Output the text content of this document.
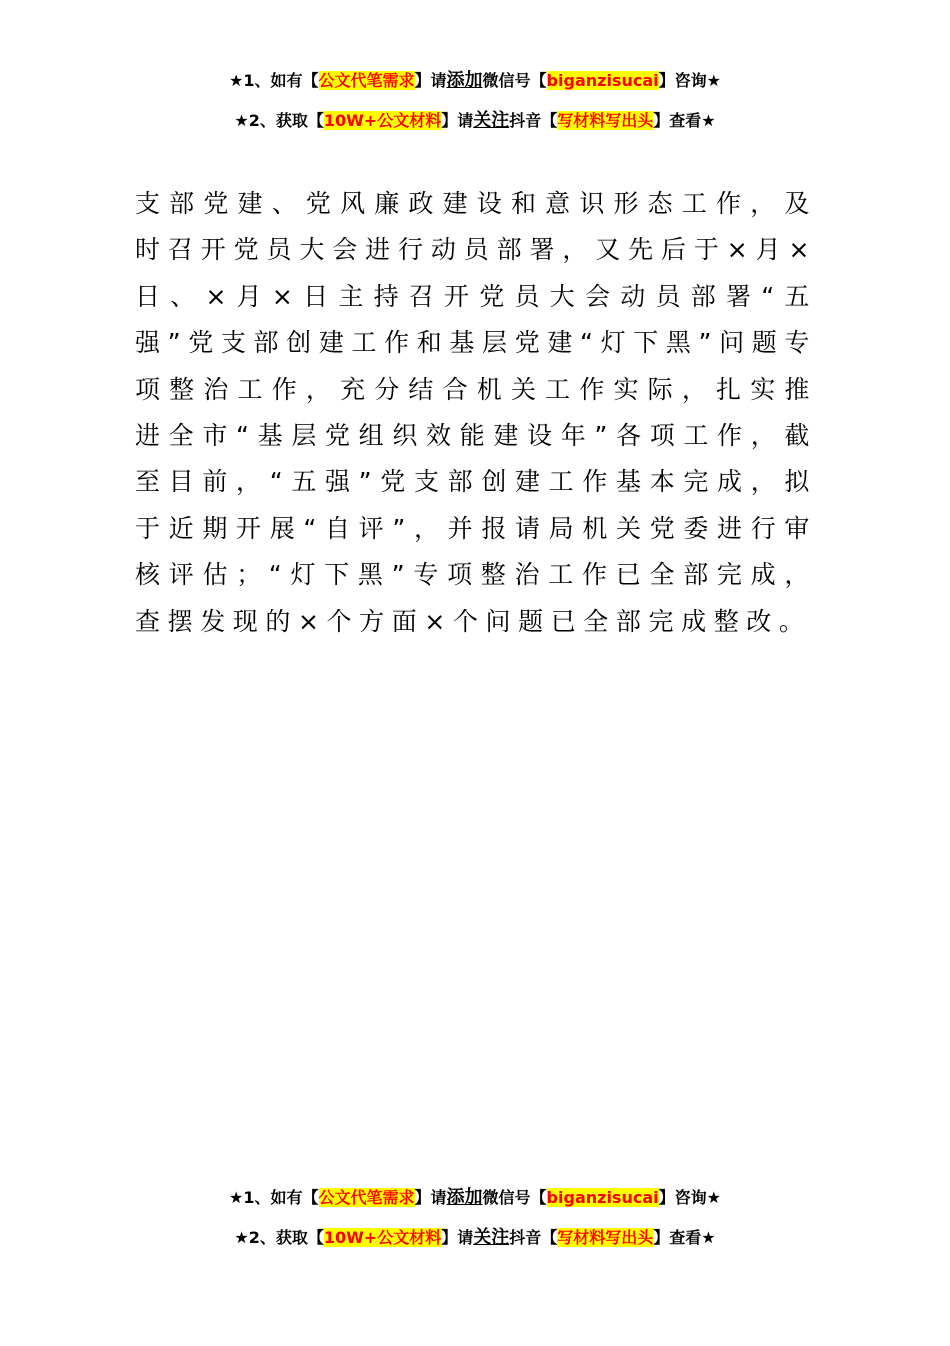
★1、如有【公文代笔需求】请添加微信号【biganzisucai】咨询★
★2、获取【10W+公文材料】请关注抖音【写材料写出头】查看★

支部党建、党风廉政建设和意识形态工作，及时召开党员大会进行动员部署，又先后于×月×日、×月×日主持召开党员大会动员部署“五强”党支部创建工作和基层党建“灯下黑”问题专项整治工作，充分结合机关工作实际，扎实推进全市“基层党组织效能建设年”各项工作，截至目前，“五强”党支部创建工作基本完成，拟于近期开展“自评”，并报请局机关党委进行审核评估；“灯下黑”专项整治工作已全部完成，查摆发现的×个方面×个问题已全部完成整改。

★1、如有【公文代笔需求】请添加微信号【biganzisucai】咨询★
★2、获取【10W+公文材料】请关注抖音【写材料写出头】查看★
